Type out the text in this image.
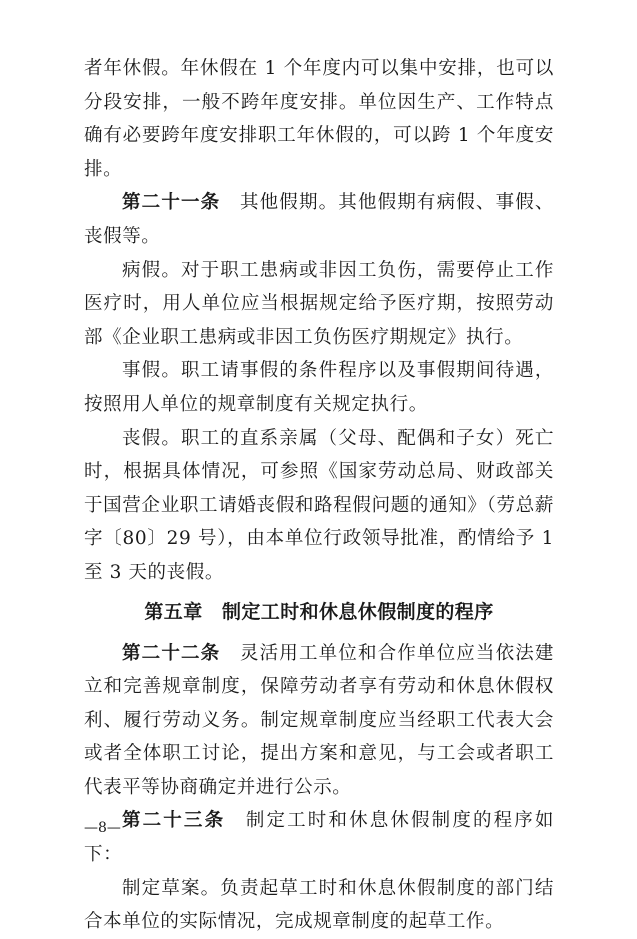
者年休假。年休假在 1 个年度内可以集中安排，也可以分段安排，一般不跨年度安排。单位因生产、工作特点确有必要跨年度安排职工年休假的，可以跨 1 个年度安排。

第二十一条　其他假期。其他假期有病假、事假、丧假等。

病假。对于职工患病或非因工负伤，需要停止工作医疗时，用人单位应当根据规定给予医疗期，按照劳动部《企业职工患病或非因工负伤医疗期规定》执行。

事假。职工请事假的条件程序以及事假期间待遇，按照用人单位的规章制度有关规定执行。

丧假。职工的直系亲属（父母、配偶和子女）死亡时，根据具体情况，可参照《国家劳动总局、财政部关于国营企业职工请婚丧假和路程假问题的通知》（劳总薪字〔80〕29 号），由本单位行政领导批准，酌情给予 1 至 3 天的丧假。

第五章　制定工时和休息休假制度的程序

第二十二条　灵活用工单位和合作单位应当依法建立和完善规章制度，保障劳动者享有劳动和休息休假权利、履行劳动义务。制定规章制度应当经职工代表大会或者全体职工讨论，提出方案和意见，与工会或者职工代表平等协商确定并进行公示。

第二十三条　制定工时和休息休假制度的程序如下：

制定草案。负责起草工时和休息休假制度的部门结合本单位的实际情况，完成规章制度的起草工作。

—8—
